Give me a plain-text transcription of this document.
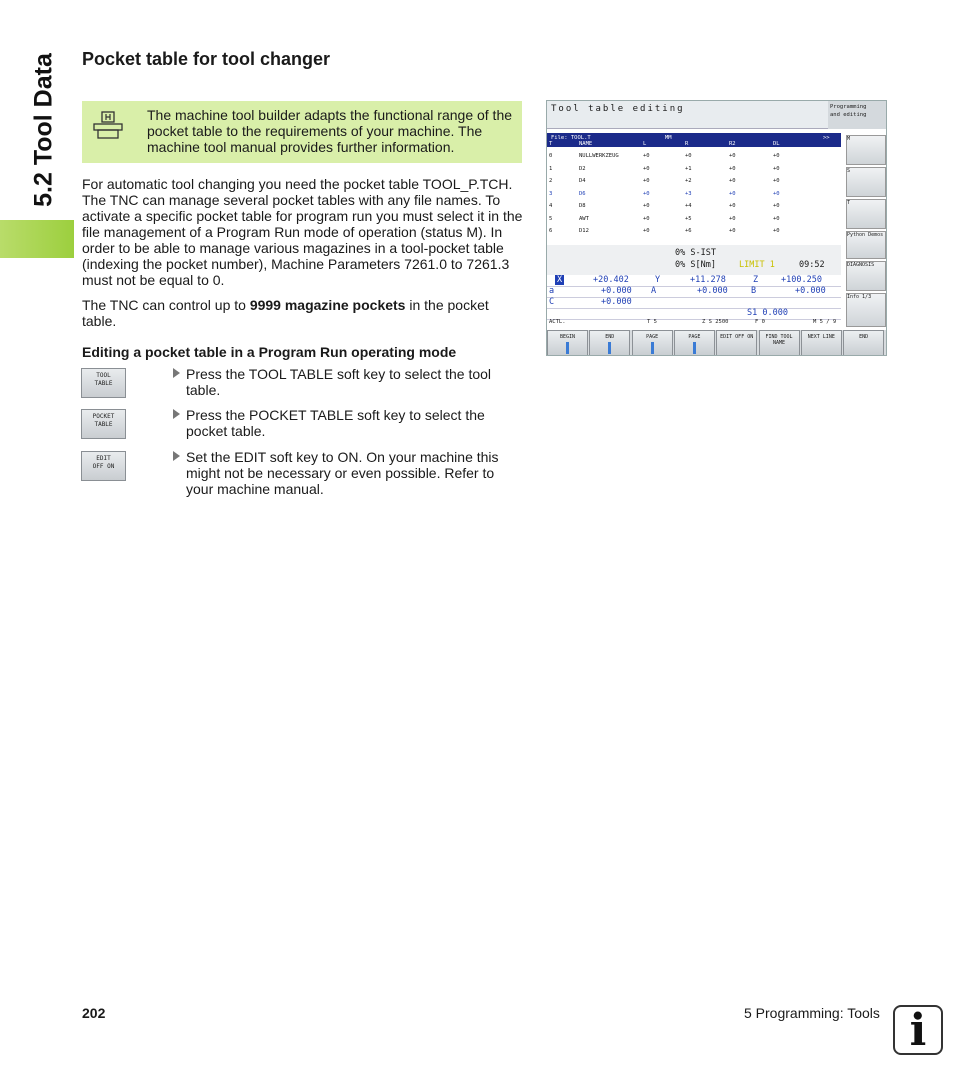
5.2 Tool Data Pocket table for tool changer
The machine tool builder adapts the functional range of the pocket table to the requirements of your machine. The machine tool manual provides further information.
For automatic tool changing you need the pocket table TOOL_P.TCH. The TNC can manage several pocket tables with any file names. To activate a specific pocket table for program run you must select it in the file management of a Program Run mode of operation (status M). In order to be able to manage various magazines in a tool-pocket table (indexing the pocket number), Machine Parameters 7261.0 to 7261.3 must not be equal to 0.
The TNC can control up to 9999 magazine pockets in the pocket table.
Editing a pocket table in a Program Run operating mode
TOOL
TABLE
Press the TOOL TABLE soft key to select the tool table.
POCKET
TABLE
Press the POCKET TABLE soft key to select the pocket table.
EDIT
OFF ON
Set the EDIT soft key to ON. On your machine this might not be necessary or even possible. Refer to your machine manual.
Tool table editing	Programming
and editing
File: TOOL.T	MM	>>
T	NAME	L	R	R2	DL
0	NULLWERKZEUG	+0	+0	+0	+0
1	D2	+0	+1	+0	+0
2	D4	+0	+2	+0	+0
3	D6	+0	+3	+0	+0
4	D8	+0	+4	+0	+0
5	AWT	+0	+5	+0	+0
6	D12	+0	+6	+0	+0
M
S
T
Python Demos
DIAGNOSIS
Info 1/3
0% S-IST
0% S[Nm]	LIMIT 1	09:52
X	+20.402	Y	+11.278	Z	+100.250
a	+0.000 A	+0.000	B	+0.000
C	+0.000
S1 0.000
ACTL.	T 5	Z S 2500	F 0	M 5 / 9
BEGIN	END	PAGE	PAGE	EDIT OFF ON	FIND TOOL NAME
NEXT LINE	END
202	5 Programming: Tools i
